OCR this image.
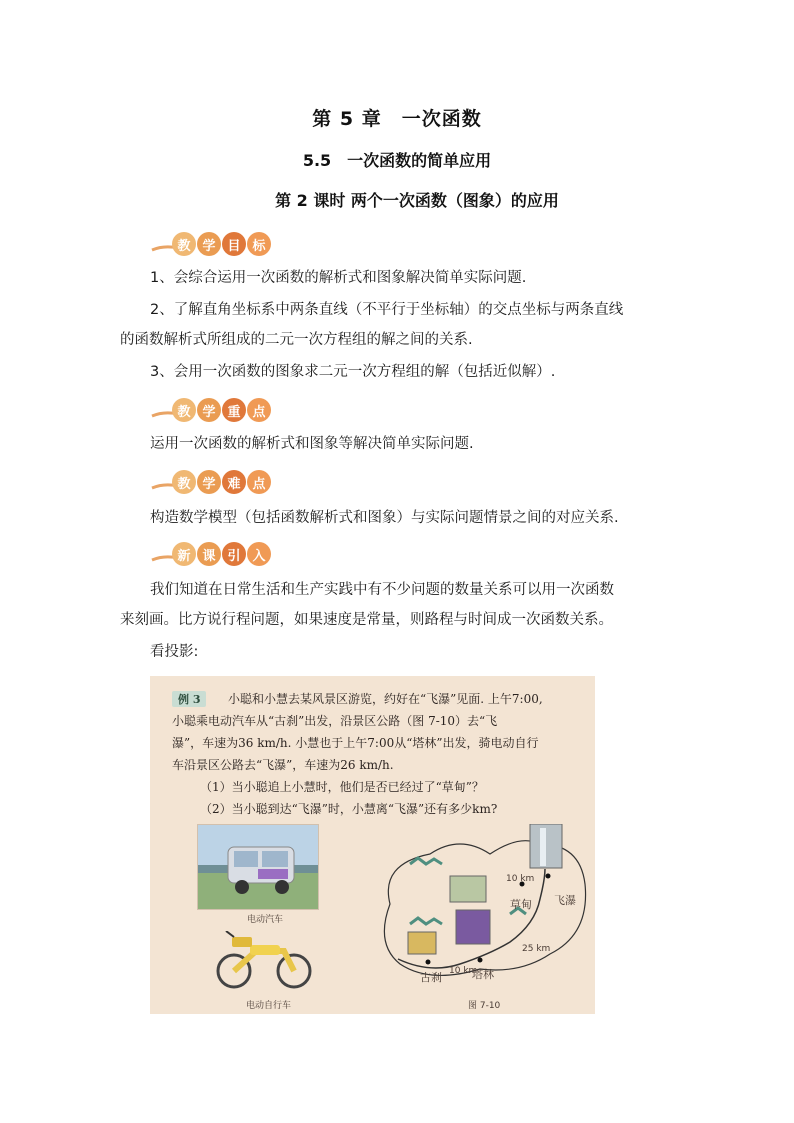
第 5 章　一次函数
5.5　一次函数的简单应用
第 2 课时 两个一次函数（图象）的应用
教 学 目 标
1、会综合运用一次函数的解析式和图象解决简单实际问题.
2、了解直角坐标系中两条直线（不平行于坐标轴）的交点坐标与两条直线
的函数解析式所组成的二元一次方程组的解之间的关系.
3、会用一次函数的图象求二元一次方程组的解（包括近似解）.
教 学 重 点
运用一次函数的解析式和图象等解决简单实际问题.
教 学 难 点
构造数学模型（包括函数解析式和图象）与实际问题情景之间的对应关系.
新 课 引 入
我们知道在日常生活和生产实践中有不少问题的数量关系可以用一次函数
来刻画。比方说行程问题，如果速度是常量，则路程与时间成一次函数关系。
看投影:
例 3	小聪和小慧去某风景区游览，约好在“飞瀑”见面. 上午7:00,
小聪乘电动汽车从“古刹”出发，沿景区公路（图 7-10）去“飞
瀑”，车速为36 km/h. 小慧也于上午7:00从“塔林”出发，骑电动自行
车沿景区公路去“飞瀑”，车速为26 km/h.
（1）当小聪追上小慧时，他们是否已经过了“草甸”？
（2）当小聪到达“飞瀑”时，小慧离“飞瀑”还有多少km?
电动汽车
电动自行车
古刹	塔林
草甸 飞瀑
10 km
25 km
10 km
图 7-10
